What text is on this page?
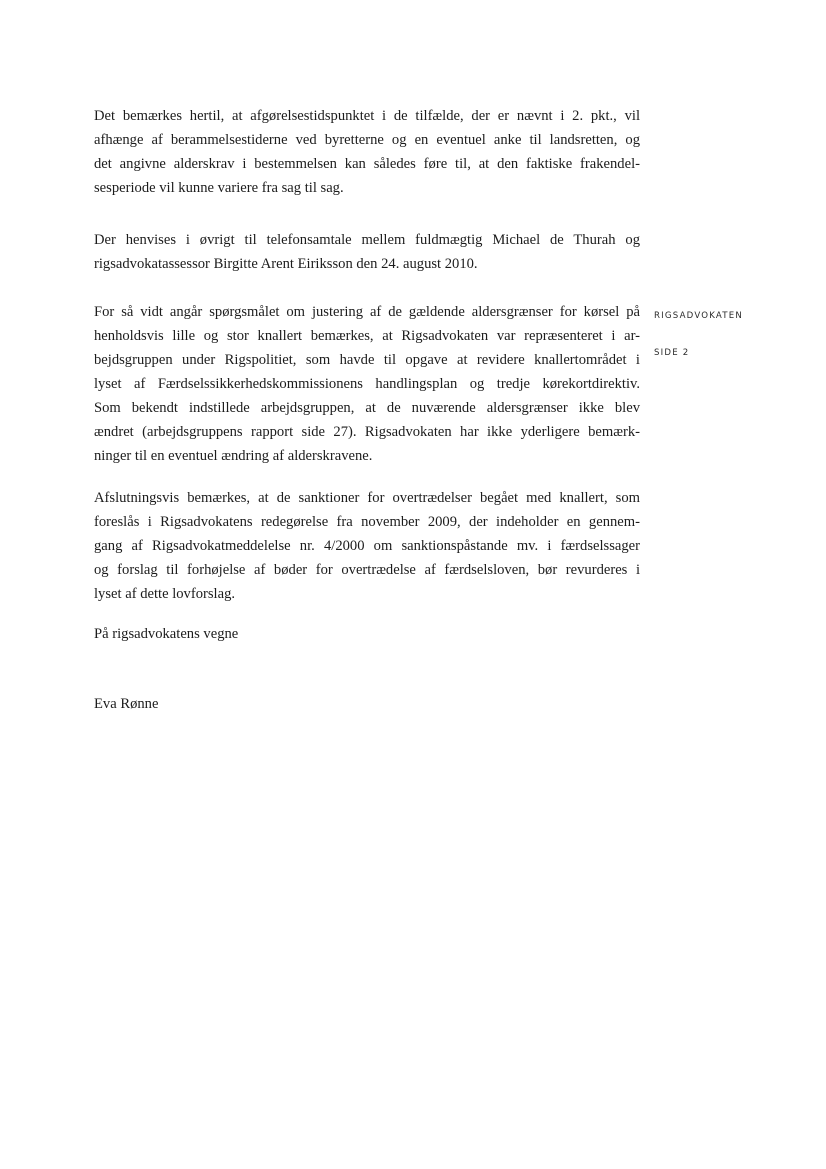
Det bemærkes hertil, at afgørelsestidspunktet i de tilfælde, der er nævnt i 2. pkt., vil
afhænge af berammelsestiderne ved byretterne og en eventuel anke til landsretten, og
det angivne alderskrav i bestemmelsen kan således føre til, at den faktiske frakendel-
sesperiode vil kunne variere fra sag til sag.
Der henvises i øvrigt til telefonsamtale mellem fuldmægtig Michael de Thurah og
rigsadvokatassessor Birgitte Arent Eiriksson den 24. august 2010.
For så vidt angår spørgsmålet om justering af de gældende aldersgrænser for kørsel på
henholdsvis lille og stor knallert bemærkes, at Rigsadvokaten var repræsenteret i ar-
bejdsgruppen under Rigspolitiet, som havde til opgave at revidere knallertområdet i
lyset af Færdselssikkerhedskommissionens handlingsplan og tredje kørekortdirektiv.
Som bekendt indstillede arbejdsgruppen, at de nuværende aldersgrænser ikke blev
ændret (arbejdsgruppens rapport side 27). Rigsadvokaten har ikke yderligere bemærk-
ninger til en eventuel ændring af alderskravene.
Afslutningsvis bemærkes, at de sanktioner for overtrædelser begået med knallert, som
foreslås i Rigsadvokatens redegørelse fra november 2009, der indeholder en gennem-
gang af Rigsadvokatmeddelelse nr. 4/2000 om sanktionspåstande mv. i færdselssager
og forslag til forhøjelse af bøder for overtrædelse af færdselsloven, bør revurderes i
lyset af dette lovforslag.
På rigsadvokatens vegne
Eva Rønne
RIGSADVOKATEN
SIDE 2
